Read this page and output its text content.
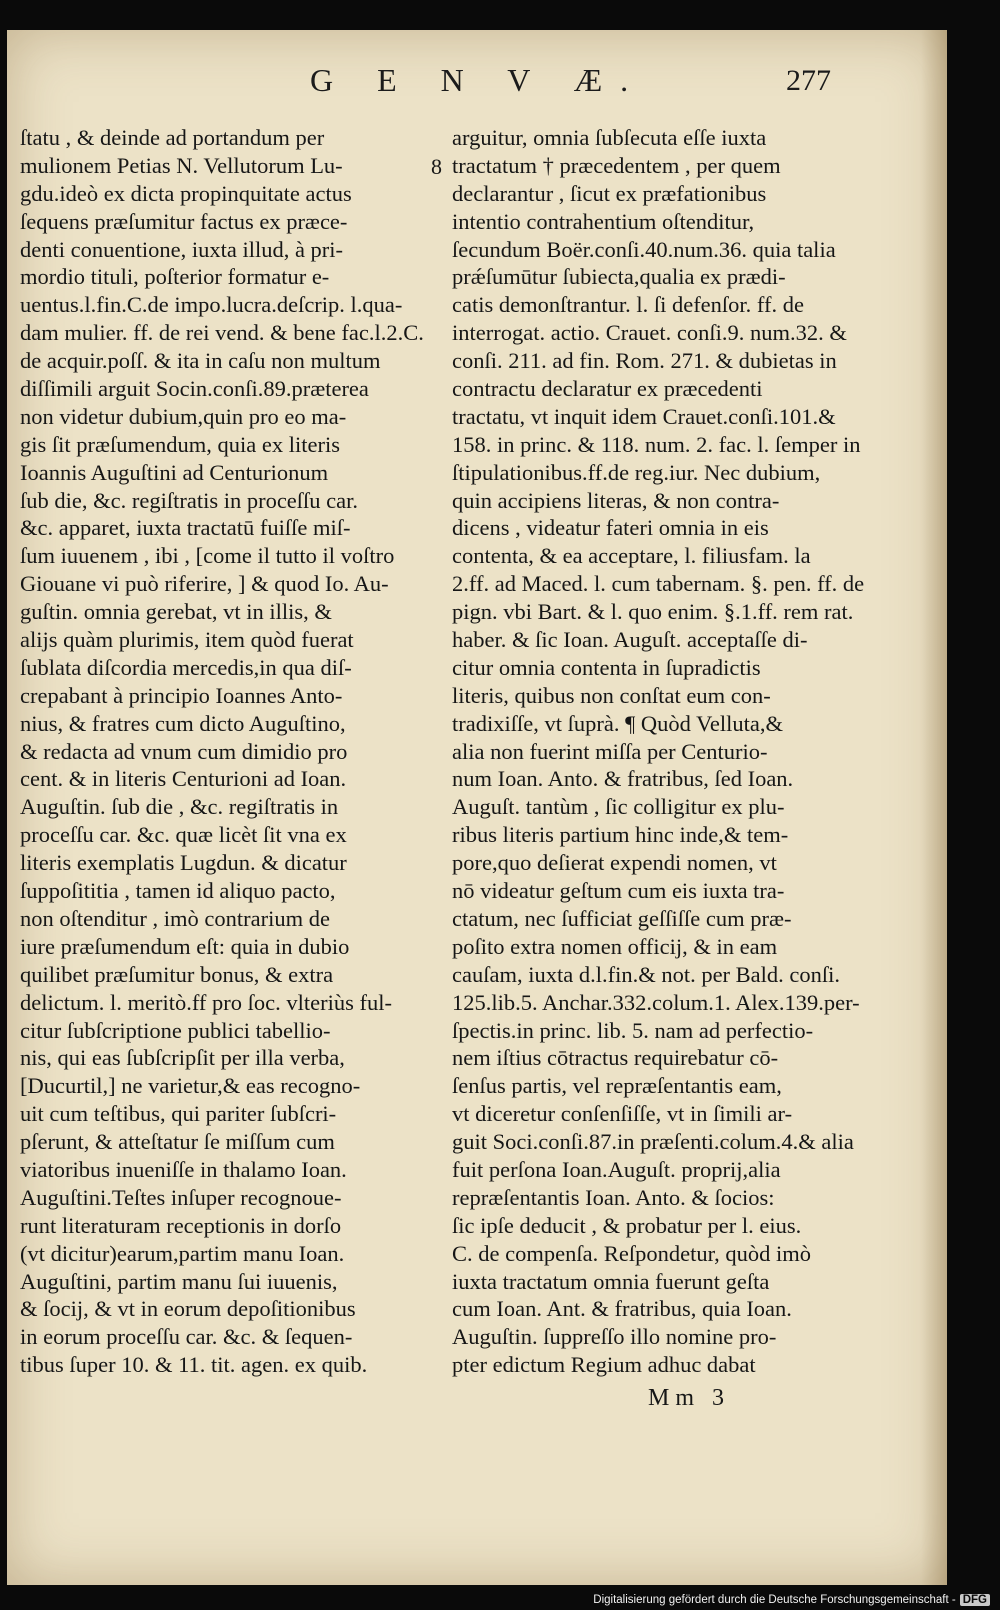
G E N V Æ.	277
8
ſtatu , & deinde ad portandum per
mulionem Petias N. Vellutorum Lu-
gdu.ideò ex dicta propinquitate actus
ſequens præſumitur factus ex præce-
denti conuentione, iuxta illud, à pri-
mordio tituli, poſterior formatur e-
uentus.l.fin.C.de impo.lucra.deſcrip. l.qua-
dam mulier. ff. de rei vend. & bene fac.l.2.C.
de acquir.poſſ. & ita in caſu non multum
diſſimili arguit Socin.conſi.89.præterea
non videtur dubium,quin pro eo ma-
gis ſit præſumendum, quia ex literis
Ioannis Auguſtini ad Centurionum
ſub die, &c. regiſtratis in proceſſu car.
&c. apparet, iuxta tractatū fuiſſe miſ-
ſum iuuenem , ibi , [come il tutto il voſtro
Giouane vi può riferire, ] & quod Io. Au-
guſtin. omnia gerebat, vt in illis, &
alijs quàm plurimis, item quòd fuerat
ſublata diſcordia mercedis,in qua diſ-
crepabant à principio Ioannes Anto-
nius, & fratres cum dicto Auguſtino,
& redacta ad vnum cum dimidio pro
cent. & in literis Centurioni ad Ioan.
Auguſtin. ſub die , &c. regiſtratis in
proceſſu car. &c. quæ licèt ſit vna ex
literis exemplatis Lugdun. & dicatur
ſuppoſititia , tamen id aliquo pacto,
non oſtenditur , imò contrarium de
iure præſumendum eſt: quia in dubio
quilibet præſumitur bonus, & extra
delictum. l. meritò.ff pro ſoc. vlteriùs ful-
citur ſubſcriptione publici tabellio-
nis, qui eas ſubſcripſit per illa verba,
[Ducurtil,] ne varietur,& eas recogno-
uit cum teſtibus, qui pariter ſubſcri-
pſerunt, & atteſtatur ſe miſſum cum
viatoribus inueniſſe in thalamo Ioan.
Auguſtini.Teſtes inſuper recognoue-
runt literaturam receptionis in dorſo
(vt dicitur)earum,partim manu Ioan.
Auguſtini, partim manu ſui iuuenis,
& ſocij, & vt in eorum depoſitionibus
in eorum proceſſu car. &c. & ſequen-
tibus ſuper 10. & 11. tit. agen. ex quib.
arguitur, omnia ſubſecuta eſſe iuxta
tractatum † præcedentem , per quem
declarantur , ſicut ex præfationibus
intentio contrahentium oſtenditur,
ſecundum Boër.conſi.40.num.36. quia talia
prǽſumūtur ſubiecta,qualia ex prædi-
catis demonſtrantur. l. ſi defenſor. ff. de
interrogat. actio. Crauet. conſi.9. num.32. &
conſi. 211. ad fin. Rom. 271. & dubietas in
contractu declaratur ex præcedenti
tractatu, vt inquit idem Crauet.conſi.101.&
158. in princ. & 118. num. 2. fac. l. ſemper in
ſtipulationibus.ff.de reg.iur. Nec dubium,
quin accipiens literas, & non contra-
dicens , videatur fateri omnia in eis
contenta, & ea acceptare, l. filiusfam. la
2.ff. ad Maced. l. cum tabernam. §. pen. ff. de
pign. vbi Bart. & l. quo enim. §.1.ff. rem rat.
haber. & ſic Ioan. Auguſt. acceptaſſe di-
citur omnia contenta in ſupradictis
literis, quibus non conſtat eum con-
tradixiſſe, vt ſuprà. ¶ Quòd Velluta,&
alia non fuerint miſſa per Centurio-
num Ioan. Anto. & fratribus, ſed Ioan.
Auguſt. tantùm , ſic colligitur ex plu-
ribus literis partium hinc inde,& tem-
pore,quo deſierat expendi nomen, vt
nō videatur geſtum cum eis iuxta tra-
ctatum, nec ſufficiat geſſiſſe cum præ-
poſito extra nomen officij, & in eam
cauſam, iuxta d.l.fin.& not. per Bald. conſi.
125.lib.5. Anchar.332.colum.1. Alex.139.per-
ſpectis.in princ. lib. 5. nam ad perfectio-
nem iſtius cōtractus requirebatur cō-
ſenſus partis, vel repræſentantis eam,
vt diceretur conſenſiſſe, vt in ſimili ar-
guit Soci.conſi.87.in præſenti.colum.4.& alia
fuit perſona Ioan.Auguſt. proprij,alia
repræſentantis Ioan. Anto. & ſocios:
ſic ipſe deducit , & probatur per l. eius.
C. de compenſa. Reſpondetur, quòd imò
iuxta tractatum omnia fuerunt geſta
cum Ioan. Ant. & fratribus, quia Ioan.
Auguſtin. ſuppreſſo illo nomine pro-
pter edictum Regium adhuc dabat
Mm 3
Digitalisierung gefördert durch die Deutsche Forschungsgemeinschaft - DFG
